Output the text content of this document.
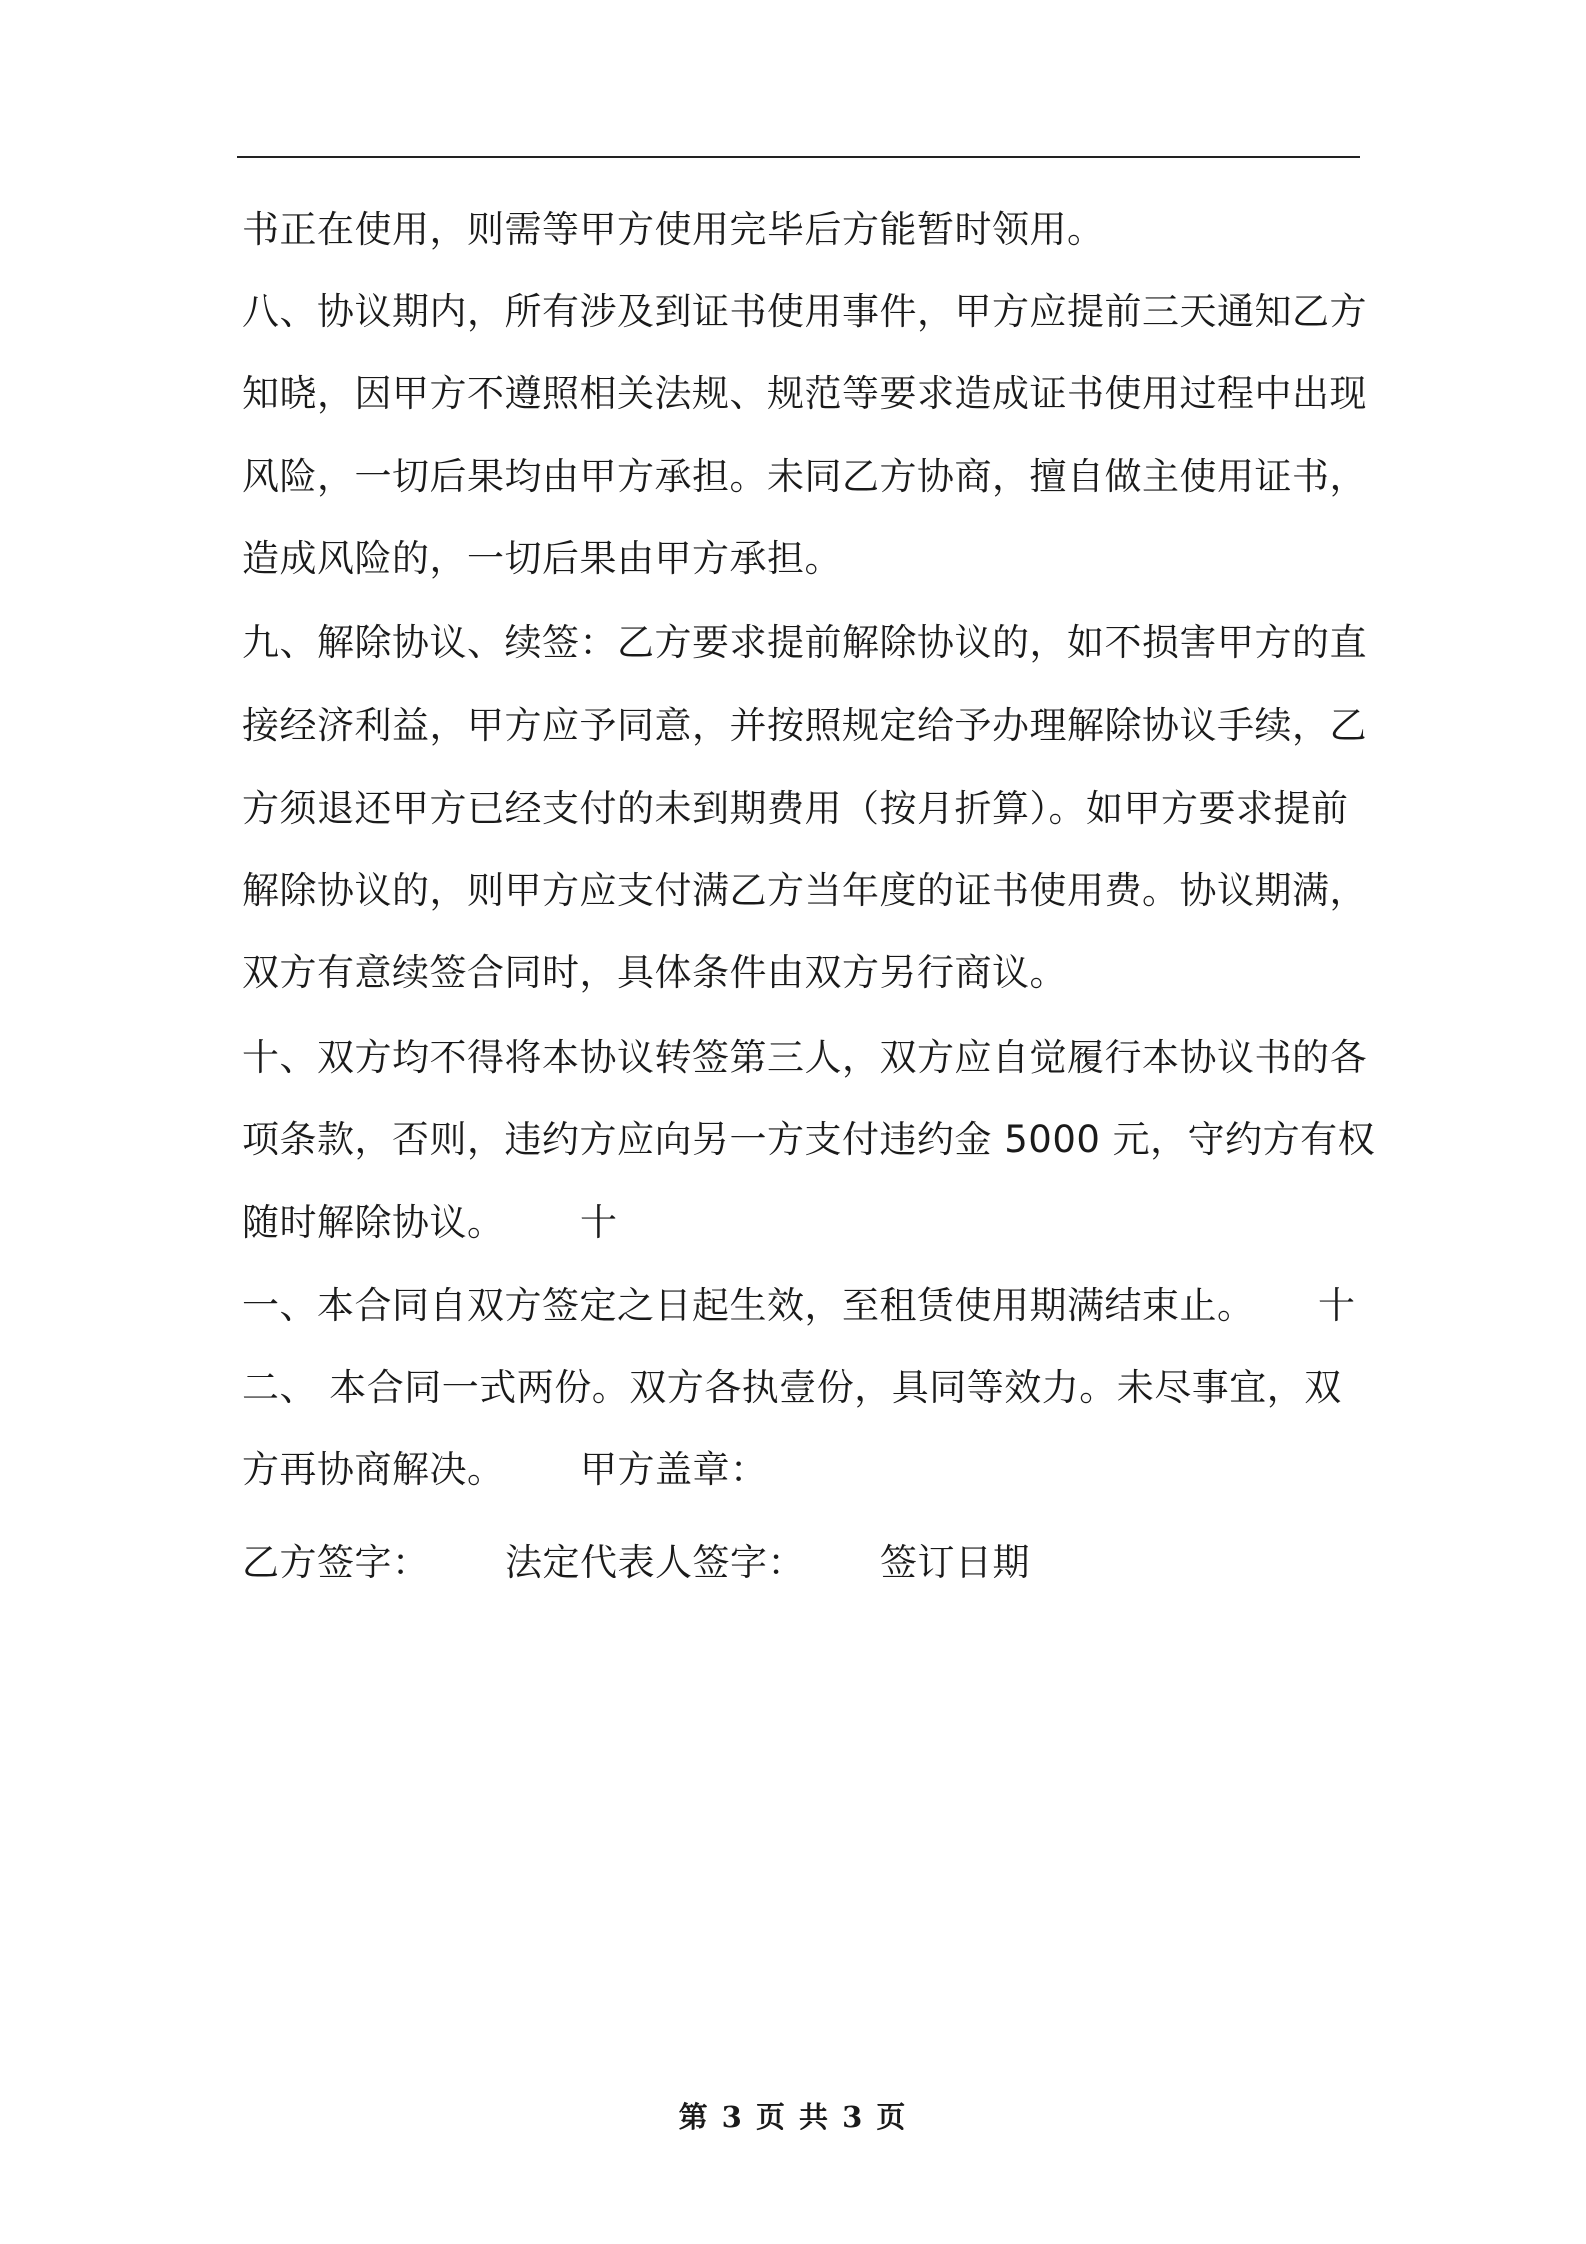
书正在使用，则需等甲方使用完毕后方能暂时领用。
八、协议期内，所有涉及到证书使用事件，甲方应提前三天通知乙方
知晓，因甲方不遵照相关法规、规范等要求造成证书使用过程中出现
风险，一切后果均由甲方承担。未同乙方协商，擅自做主使用证书，
造成风险的，一切后果由甲方承担。
九、解除协议、续签：乙方要求提前解除协议的，如不损害甲方的直
接经济利益，甲方应予同意，并按照规定给予办理解除协议手续，乙
方须退还甲方已经支付的未到期费用（按月折算）。如甲方要求提前
解除协议的，则甲方应支付满乙方当年度的证书使用费。协议期满，
双方有意续签合同时，具体条件由双方另行商议。
十、双方均不得将本协议转签第三人，双方应自觉履行本协议书的各
项条款，否则，违约方应向另一方支付违约金 5000 元，守约方有权
随时解除协议。 十
一、本合同自双方签定之日起生效，至租赁使用期满结束止。 十
二、 本合同一式两份。双方各执壹份，具同等效力。未尽事宜，双
方再协商解决。 甲方盖章：
乙方签字： 法定代表人签字： 签订日期
第 3 页 共 3 页
